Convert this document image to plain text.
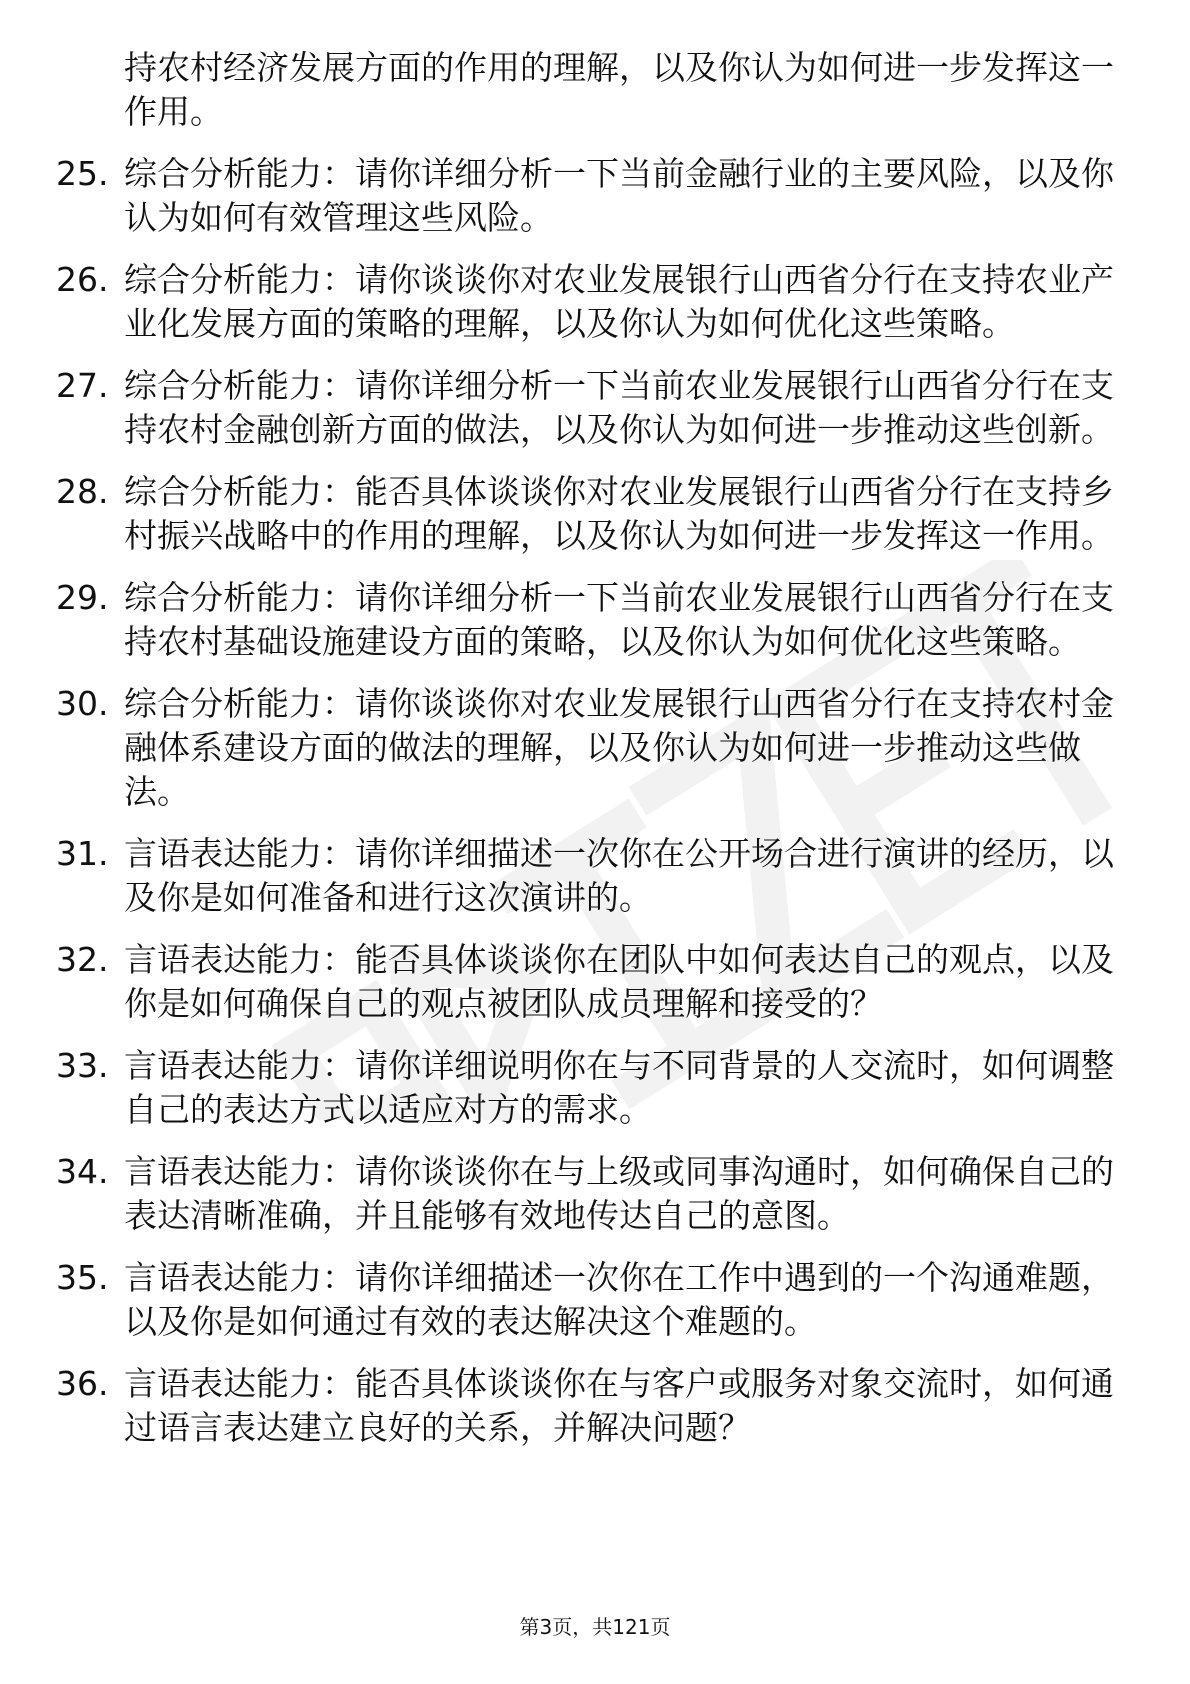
持农村经济发展方面的作用的理解，以及你认为如何进一步发挥这一作用。
25. 综合分析能力：请你详细分析一下当前金融行业的主要风险，以及你认为如何有效管理这些风险。
26. 综合分析能力：请你谈谈你对农业发展银行山西省分行在支持农业产业化发展方面的策略的理解，以及你认为如何优化这些策略。
27. 综合分析能力：请你详细分析一下当前农业发展银行山西省分行在支持农村金融创新方面的做法，以及你认为如何进一步推动这些创新。
28. 综合分析能力：能否具体谈谈你对农业发展银行山西省分行在支持乡村振兴战略中的作用的理解，以及你认为如何进一步发挥这一作用。
29. 综合分析能力：请你详细分析一下当前农业发展银行山西省分行在支持农村基础设施建设方面的策略，以及你认为如何优化这些策略。
30. 综合分析能力：请你谈谈你对农业发展银行山西省分行在支持农村金融体系建设方面的做法的理解，以及你认为如何进一步推动这些做法。
31. 言语表达能力：请你详细描述一次你在公开场合进行演讲的经历，以及你是如何准备和进行这次演讲的。
32. 言语表达能力：能否具体谈谈你在团队中如何表达自己的观点，以及你是如何确保自己的观点被团队成员理解和接受的？
33. 言语表达能力：请你详细说明你在与不同背景的人交流时，如何调整自己的表达方式以适应对方的需求。
34. 言语表达能力：请你谈谈你在与上级或同事沟通时，如何确保自己的表达清晰准确，并且能够有效地传达自己的意图。
35. 言语表达能力：请你详细描述一次你在工作中遇到的一个沟通难题，以及你是如何通过有效的表达解决这个难题的。
36. 言语表达能力：能否具体谈谈你在与客户或服务对象交流时，如何通过语言表达建立良好的关系，并解决问题？
第3页，共121页
